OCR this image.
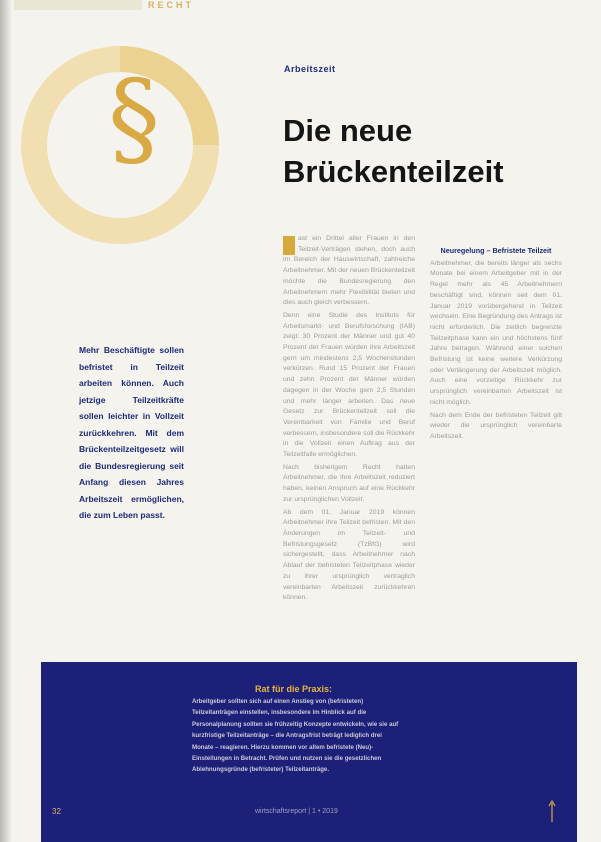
RECHT
§	Arbeitszeit
Die neue
Brückenteilzeit

Mehr Beschäftigte sollen befristet in Teilzeit arbeiten können. Auch jetzige Teilzeitkräfte sollen leichter in Vollzeit zurückkehren. Mit dem Brückenteilzeitgesetz will die Bundesregierung seit Anfang diesen Jahres Arbeitszeit ermöglichen, die zum Leben passt.

ast ein Drittel aller Frauen in den Teilzeit-Verträgen stehen, doch auch im Bereich der Hauswirtschaft, zahlreiche Arbeitnehmer. Mit der neuen Brückenteilzeit möchte die Bundesregierung den Arbeitnehmern mehr Flexibilität bieten und dies auch gleich verbessern.

Denn eine Studie des Instituts für Arbeitsmarkt- und Berufsforschung (IAB) zeigt: 30 Prozent der Männer und gut 40 Prozent der Frauen würden ihre Arbeitszeit gern um mindestens 2,5 Wochenstunden verkürzen. Rund 15 Prozent der Frauen und zehn Prozent der Männer würden dagegen in der Woche gern 2,5 Stunden und mehr länger arbeiten. Das neue Gesetz zur Brückenteilzeit soll die Vereinbarkeit von Familie und Beruf verbessern, insbesondere soll die Rückkehr in die Vollzeit einen Auftrag aus der Teilzeitfalle ermöglichen.

Nach bisherigem Recht hatten Arbeitnehmer, die ihre Arbeitszeit reduziert haben, keinen Anspruch auf eine Rückkehr zur ursprünglichen Vollzeit.

Ab dem 01. Januar 2019 können Arbeitnehmer ihre Teilzeit befristen. Mit den Änderungen im Teilzeit- und Befristungsgesetz (TzBfG) wird sichergestellt, dass Arbeitnehmer nach Ablauf der befristeten Teilzeitphase wieder zu ihrer ursprünglich vertraglich vereinbarten Arbeitszeit zurückkehren können.

Neuregelung – Befristete Teilzeit

Arbeitnehmer, die bereits länger als sechs Monate bei einem Arbeitgeber mit in der Regel mehr als 45 Arbeitnehmern beschäftigt sind, können seit dem 01. Januar 2019 vorübergehend in Teilzeit wechseln. Eine Begründung des Antrags ist nicht erforderlich. Die zeitlich begrenzte Teilzeitphase kann ein und höchstens fünf Jahre betragen. Während einer solchen Befristung ist keine weitere Verkürzung oder Verlängerung der Arbeitszeit möglich. Auch eine vorzeitige Rückkehr zur ursprünglich vereinbarten Arbeitszeit ist nicht möglich.

Nach dem Ende der befristeten Teilzeit gilt wieder die ursprünglich vereinbarte Arbeitszeit.

Rat für die Praxis:

Arbeitgeber sollten sich auf einen Anstieg von (befristeten) Teilzeitanträgen einstellen, insbesondere im Hinblick auf die Personalplanung sollten sie frühzeitig Konzepte entwickeln, wie sie auf kurzfristige Teilzeitanträge – die Antragsfrist beträgt lediglich drei Monate – reagieren. Hierzu kommen vor allem befristete (Neu)-Einstellungen in Betracht. Prüfen und nutzen sie die gesetzlichen Ablehnungsgründe (befristeter) Teilzeitanträge.

32	wirtschaftsreport | 1 • 2019
